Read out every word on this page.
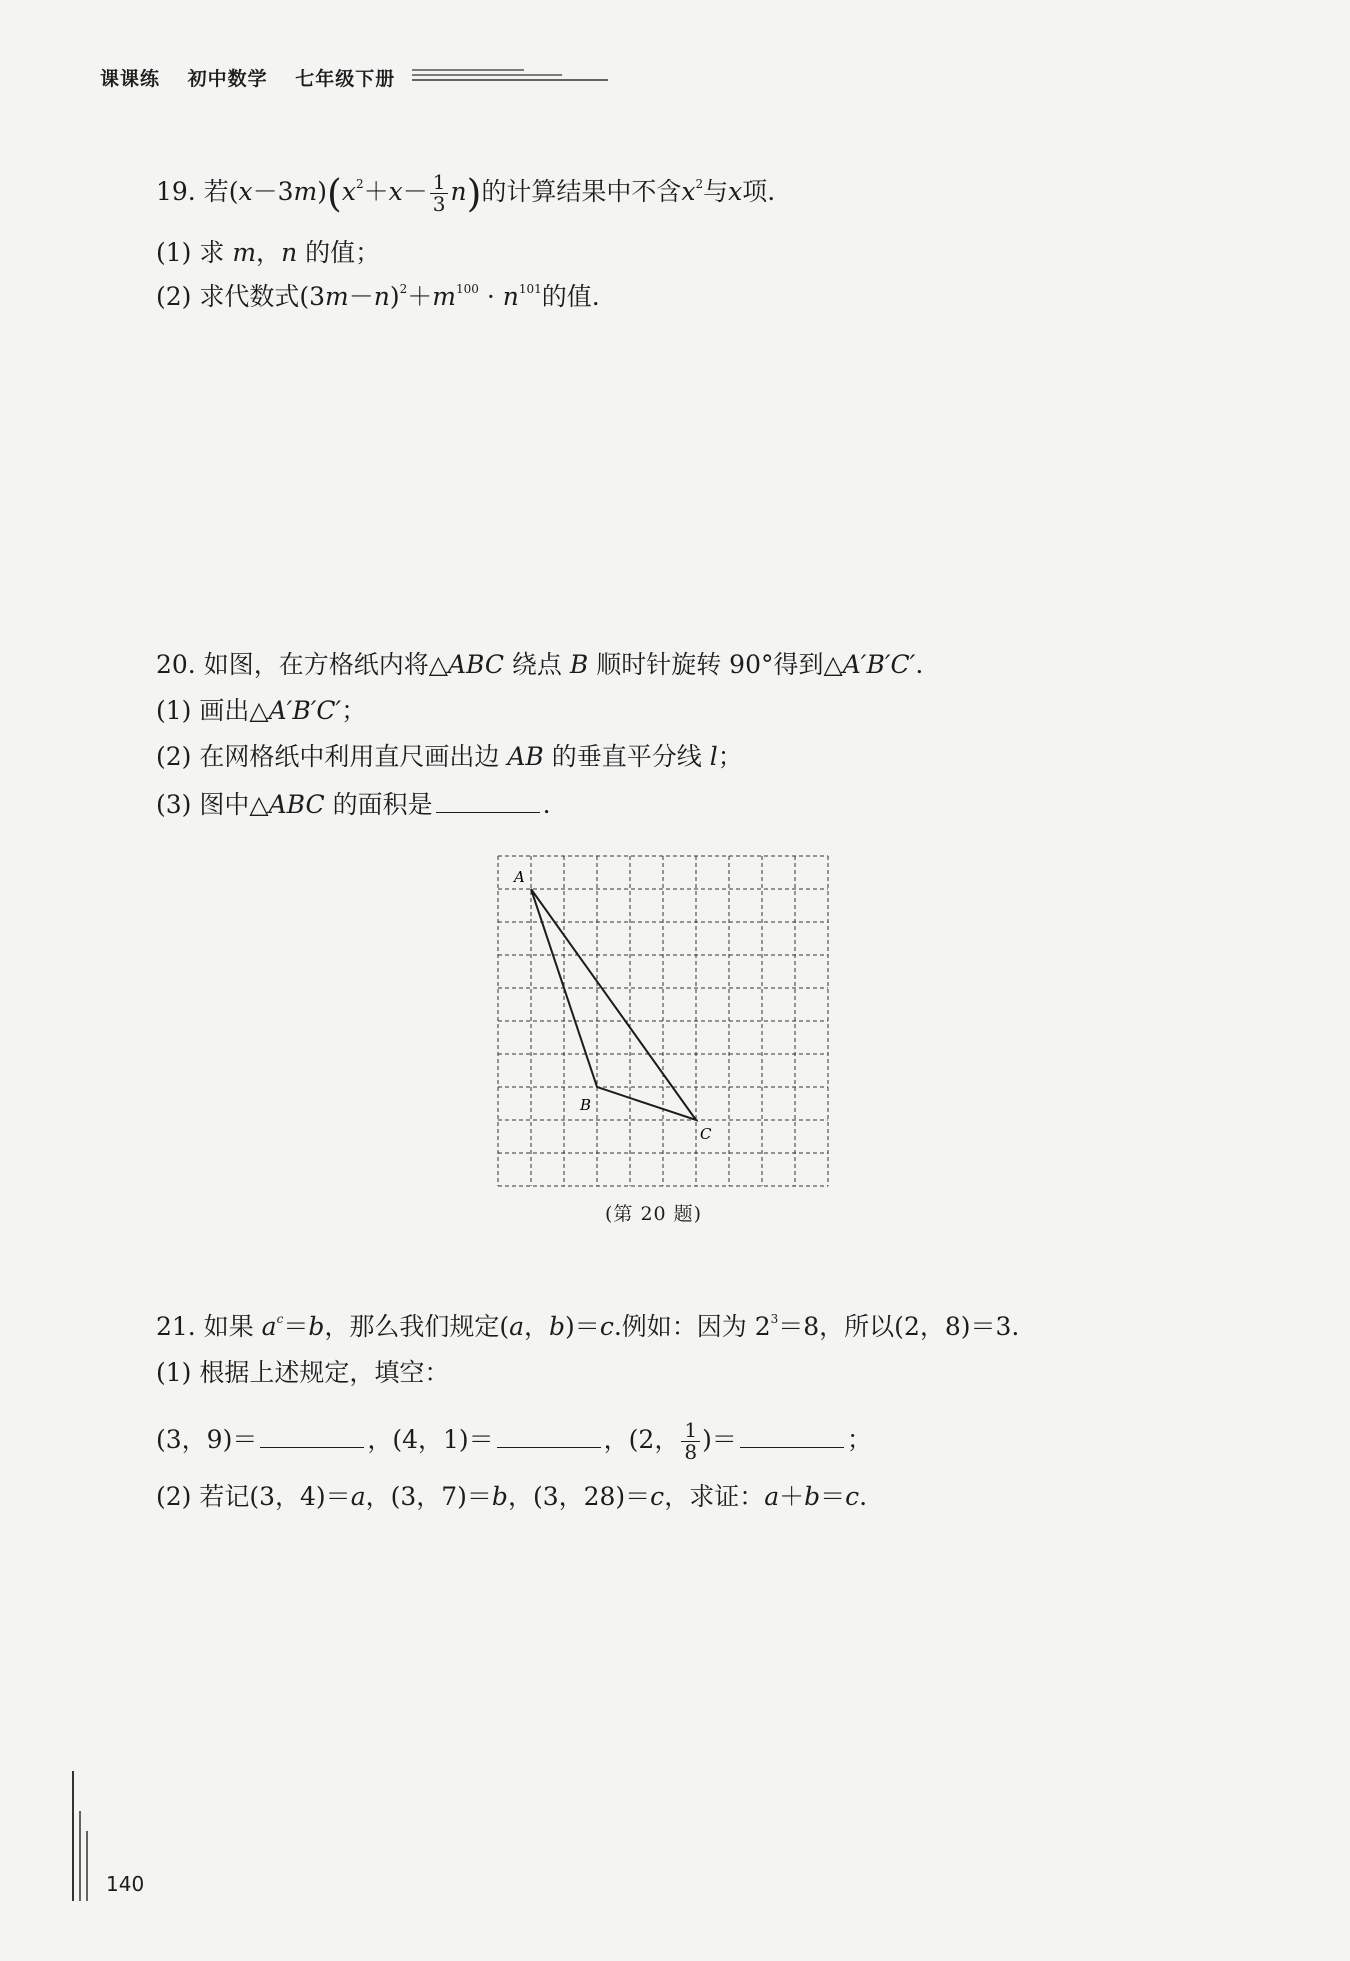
课课练 初中数学 七年级下册
19. 若$(x-3m)(x^2+x- \frac{1}{3} n)$的计算结果中不含$x^2$与x项.
(1) 求 m，n 的值；
(2) 求代数式$(3m-n)^2+m^{100} \cdot n^{101}$的值.
20. 如图，在方格纸内将△ABC 绕点 B 顺时针旋转 90°得到△A′B′C′.
(1) 画出△A′B′C′；
(2) 在网格纸中利用直尺画出边 AB 的垂直平分线 l；
(3) 图中△ABC 的面积是	.
A
B
C
(第 20 题)
21. 如果 $a^c=b$，那么我们规定(a，b)＝c.例如：因为 $2^3=8$，所以(2，8)＝3.
(1) 根据上述规定，填空：
(3，9)＝	，(4，1)＝	，(2， $\frac{1}{8}$ )＝	；
(2) 若记(3，4)＝a，(3，7)＝b，(3，28)＝c，求证：a＋b＝c.
140
